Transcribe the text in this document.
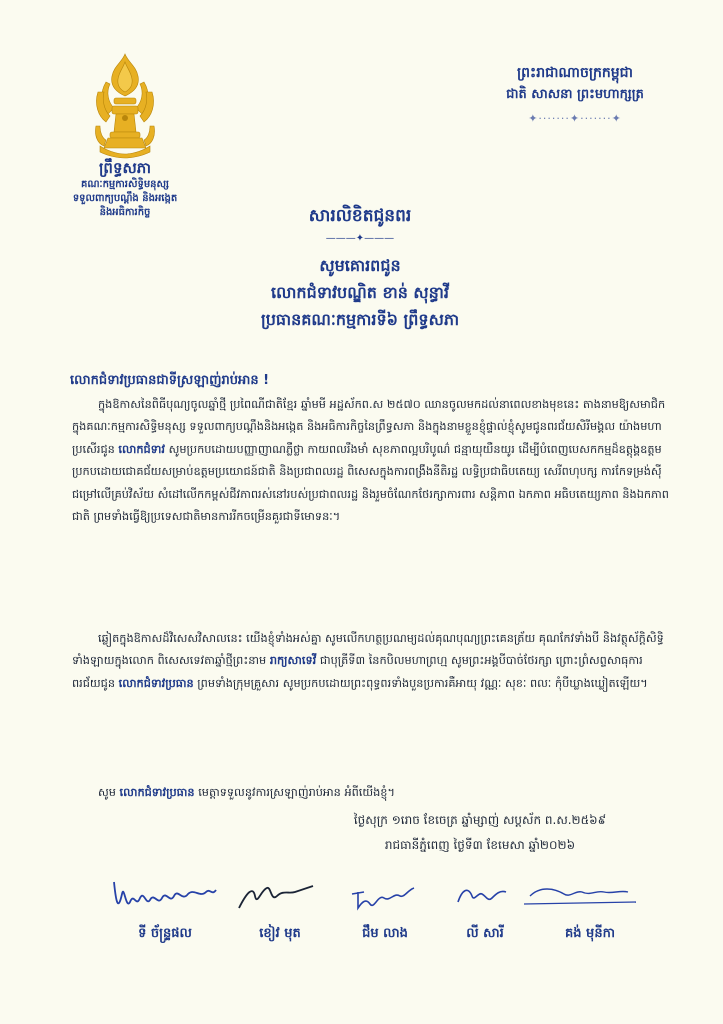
ព្រឹទ្ធសភា
គណៈកម្មការសិទ្ធិមនុស្ស
ទទួលពាក្យបណ្ដឹង និងអង្កេត
និងអធិការកិច្ច
ព្រះរាជាណាចក្រកម្ពុជា
ជាតិ សាសនា ព្រះមហាក្សត្រ
✦·······✦·······✦
សារលិខិតជូនពរ
———✦———
សូមគោរពជូន
លោកជំទាវបណ្ឌិត ខាន់ សុន្ធាវី
ប្រធានគណៈកម្មការទី៦ ព្រឹទ្ធសភា
លោកជំទាវប្រធានជាទីស្រឡាញ់រាប់អាន !
ក្នុងឱកាសនៃពិធីបុណ្យចូលឆ្នាំថ្មី ប្រពៃណីជាតិខ្មែរ ឆ្នាំមមី អដ្ឋស័កព.ស ២៥៧០ ឈានចូលមកដល់នាពេលខាងមុខនេះ តាងនាមឱ្យសមាជិកក្នុងគណៈកម្មការសិទ្ធិមនុស្ស ទទួលពាក្យបណ្តឹងនិងអង្កេត និងអធិការកិច្ចនៃព្រឹទ្ធសភា និងក្នុងនាមខ្លួនខ្ញុំផ្ទាល់ខ្ញុំសូមជូនពរជ័យសិរីមង្គល យ៉ាងមហាប្រសើរជូន លោកជំទាវ សូមប្រកបដោយបញ្ញាញាណភ្លឺថ្លា កាយពលរឹងមាំ សុខភាពល្អបរិបូណ៌ ជន្មាយុយឺនយូរ ដើម្បីបំពេញបេសកកម្មដ៏ឧត្តុង្គឧត្តមប្រកបដោយជោគជ័យសម្រាប់ឧត្តមប្រយោជន៍ជាតិ និងប្រជាពលរដ្ឋ ពិសេសក្នុងការពង្រឹងនីតិរដ្ឋ លទ្ធិប្រជាធិបតេយ្យ សេរីពហុបក្ស ការកែទម្រង់ស៊ីជម្រៅលើគ្រប់វិស័យ សំដៅលើកកម្ពស់ជីវភាពរស់នៅរបស់ប្រជាពលរដ្ឋ និងរួមចំណែកថែរក្សាការពារ សន្តិភាព ឯកភាព អធិបតេយ្យភាព និងឯកភាពជាតិ ព្រមទាំងធ្វើឱ្យប្រទេសជាតិមានការរីកចម្រើនគួរជាទីមោទនៈ។
ឆ្លៀតក្នុងឱកាសដ៏វិសេសវិសាលនេះ យើងខ្ញុំទាំងអស់គ្នា សូមលើកហត្ថប្រណម្យដល់គុណបុណ្យព្រះគេនត្រ័យ គុណកែវទាំងបី និងវត្ថុស័ក្តិសិទ្ធិទាំងឡាយក្នុងលោក ពិសេសទេវតាឆ្នាំថ្មីព្រះនាម រាក្យសាទេវី ជាបុត្រីទី៣ នៃកបិលមហាព្រហ្ម សូមព្រះអង្គបីបាច់ថែរក្សា ព្រោះព្រំសព្ទសាធុការពរជ័យជូន លោកជំទាវប្រធាន ព្រមទាំងក្រុមគ្រួសារ សូមប្រកបដោយព្រះពុទ្ធពរទាំងបួនប្រការគឺអាយុ វណ្ណៈ សុខៈ ពលៈ កុំបីឃ្លាងឃ្លៀតឡើយ។
សូម លោកជំទាវប្រធាន មេត្តាទទួលនូវការស្រឡាញ់រាប់អាន អំពីយើងខ្ញុំ។
ថ្ងៃសុក្រ ១រោច ខែចេត្រ ឆ្នាំម្សាញ់ សប្តស័ក ព.ស.២៥៦៩
រាជធានីភ្នំពេញ ថ្ងៃទី៣ ខែមេសា ឆ្នាំ២០២៦
ទី ច័ន្ទ្រផល	ខៀវ មុត	ជឹម លាង	លី សារី	គង់ មុនីកា
